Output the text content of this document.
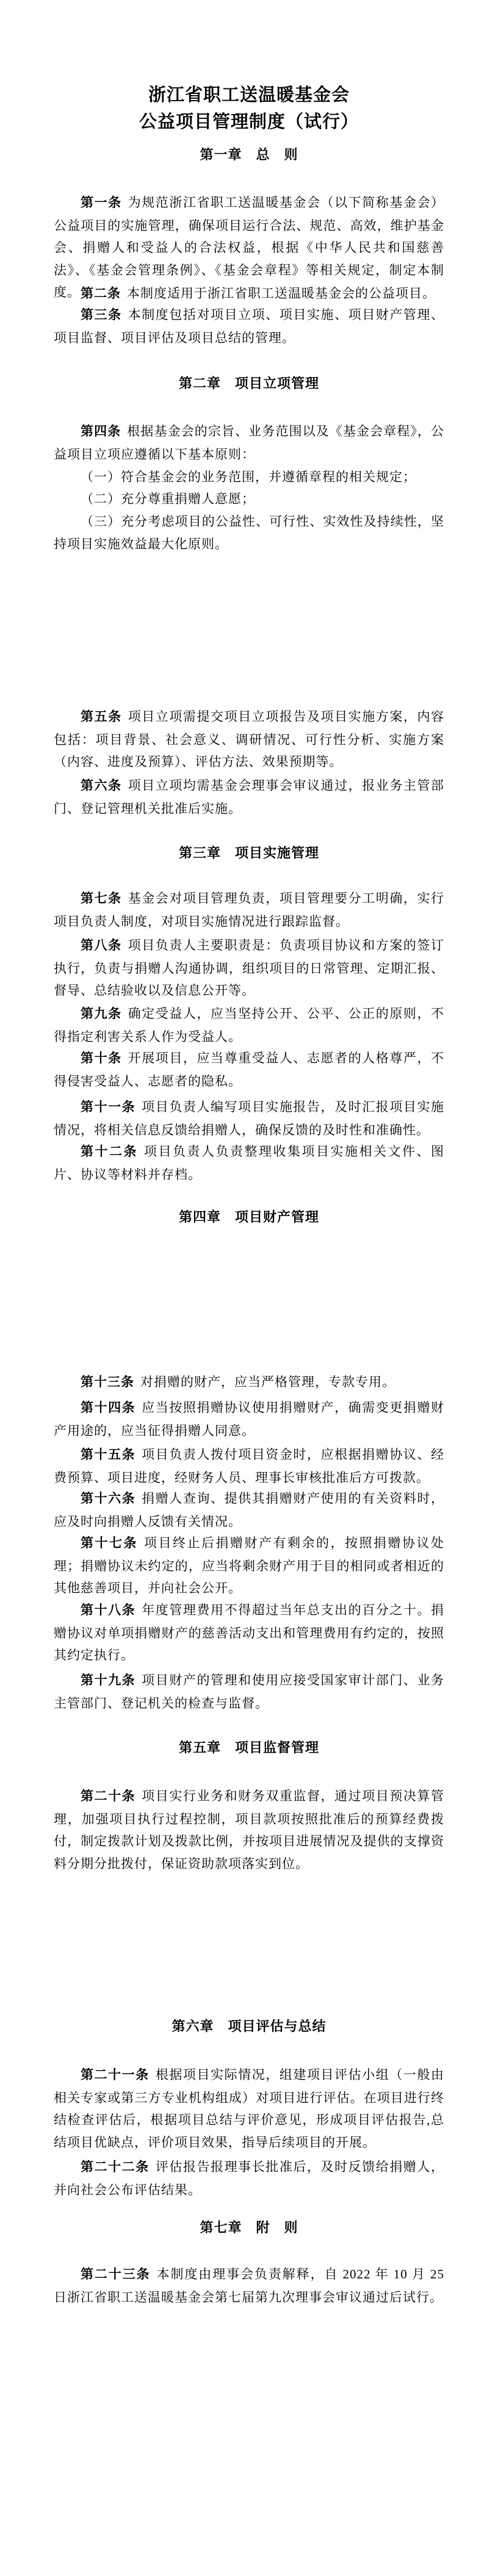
浙江省职工送温暖基金会
公益项目管理制度（试行）
第一章　总　则

第一条 为规范浙江省职工送温暖基金会（以下简称基金会）公益项目的实施管理，确保项目运行合法、规范、高效，维护基金会、捐赠人和受益人的合法权益，根据《中华人民共和国慈善法》、《基金会管理条例》、《基金会章程》等相关规定，制定本制度。 第二条 本制度适用于浙江省职工送温暖基金会的公益项目。

第三条 本制度包括对项目立项、项目实施、项目财产管理、项目监督、项目评估及项目总结的管理。

第二章　项目立项管理

第四条 根据基金会的宗旨、业务范围以及《基金会章程》，公益项目立项应遵循以下基本原则：

（一）符合基金会的业务范围，并遵循章程的相关规定；

（二）充分尊重捐赠人意愿；

（三）充分考虑项目的公益性、可行性、实效性及持续性，坚持项目实施效益最大化原则。

第五条 项目立项需提交项目立项报告及项目实施方案，内容包括：项目背景、社会意义、调研情况、可行性分析、实施方案（内容、进度及预算）、评估方法、效果预期等。

第六条 项目立项均需基金会理事会审议通过，报业务主管部门、登记管理机关批准后实施。

第三章　项目实施管理

第七条 基金会对项目管理负责，项目管理要分工明确，实行项目负责人制度，对项目实施情况进行跟踪监督。

第八条 项目负责人主要职责是：负责项目协议和方案的签订执行，负责与捐赠人沟通协调，组织项目的日常管理、定期汇报、督导、总结验收以及信息公开等。

第九条 确定受益人，应当坚持公开、公平、公正的原则，不得指定利害关系人作为受益人。

第十条 开展项目，应当尊重受益人、志愿者的人格尊严，不得侵害受益人、志愿者的隐私。

第十一条 项目负责人编写项目实施报告，及时汇报项目实施情况，将相关信息反馈给捐赠人，确保反馈的及时性和准确性。

第十二条 项目负责人负责整理收集项目实施相关文件、图片、协议等材料并存档。

第四章　项目财产管理

第十三条 对捐赠的财产，应当严格管理，专款专用。

第十四条 应当按照捐赠协议使用捐赠财产，确需变更捐赠财产用途的，应当征得捐赠人同意。

第十五条 项目负责人拨付项目资金时，应根据捐赠协议、经费预算、项目进度，经财务人员、理事长审核批准后方可拨款。

第十六条 捐赠人查询、提供其捐赠财产使用的有关资料时，应及时向捐赠人反馈有关情况。

第十七条 项目终止后捐赠财产有剩余的，按照捐赠协议处理；捐赠协议未约定的，应当将剩余财产用于目的相同或者相近的其他慈善项目，并向社会公开。

第十八条 年度管理费用不得超过当年总支出的百分之十。捐赠协议对单项捐赠财产的慈善活动支出和管理费用有约定的，按照其约定执行。

第十九条 项目财产的管理和使用应接受国家审计部门、业务主管部门、登记机关的检查与监督。

第五章　项目监督管理

第二十条 项目实行业务和财务双重监督，通过项目预决算管理，加强项目执行过程控制，项目款项按照批准后的预算经费拨付，制定拨款计划及拨款比例，并按项目进展情况及提供的支撑资料分期分批拨付，保证资助款项落实到位。

第六章　项目评估与总结

第二十一条 根据项目实际情况，组建项目评估小组（一般由相关专家或第三方专业机构组成）对项目进行评估。在项目进行终结检查评估后，根据项目总结与评价意见，形成项目评估报告,总结项目优缺点，评价项目效果，指导后续项目的开展。

第二十二条 评估报告报理事长批准后，及时反馈给捐赠人，并向社会公布评估结果。

第七章　附　则

第二十三条 本制度由理事会负责解释，自 2022 年 10 月 25 日浙江省职工送温暖基金会第七届第九次理事会审议通过后试行。
